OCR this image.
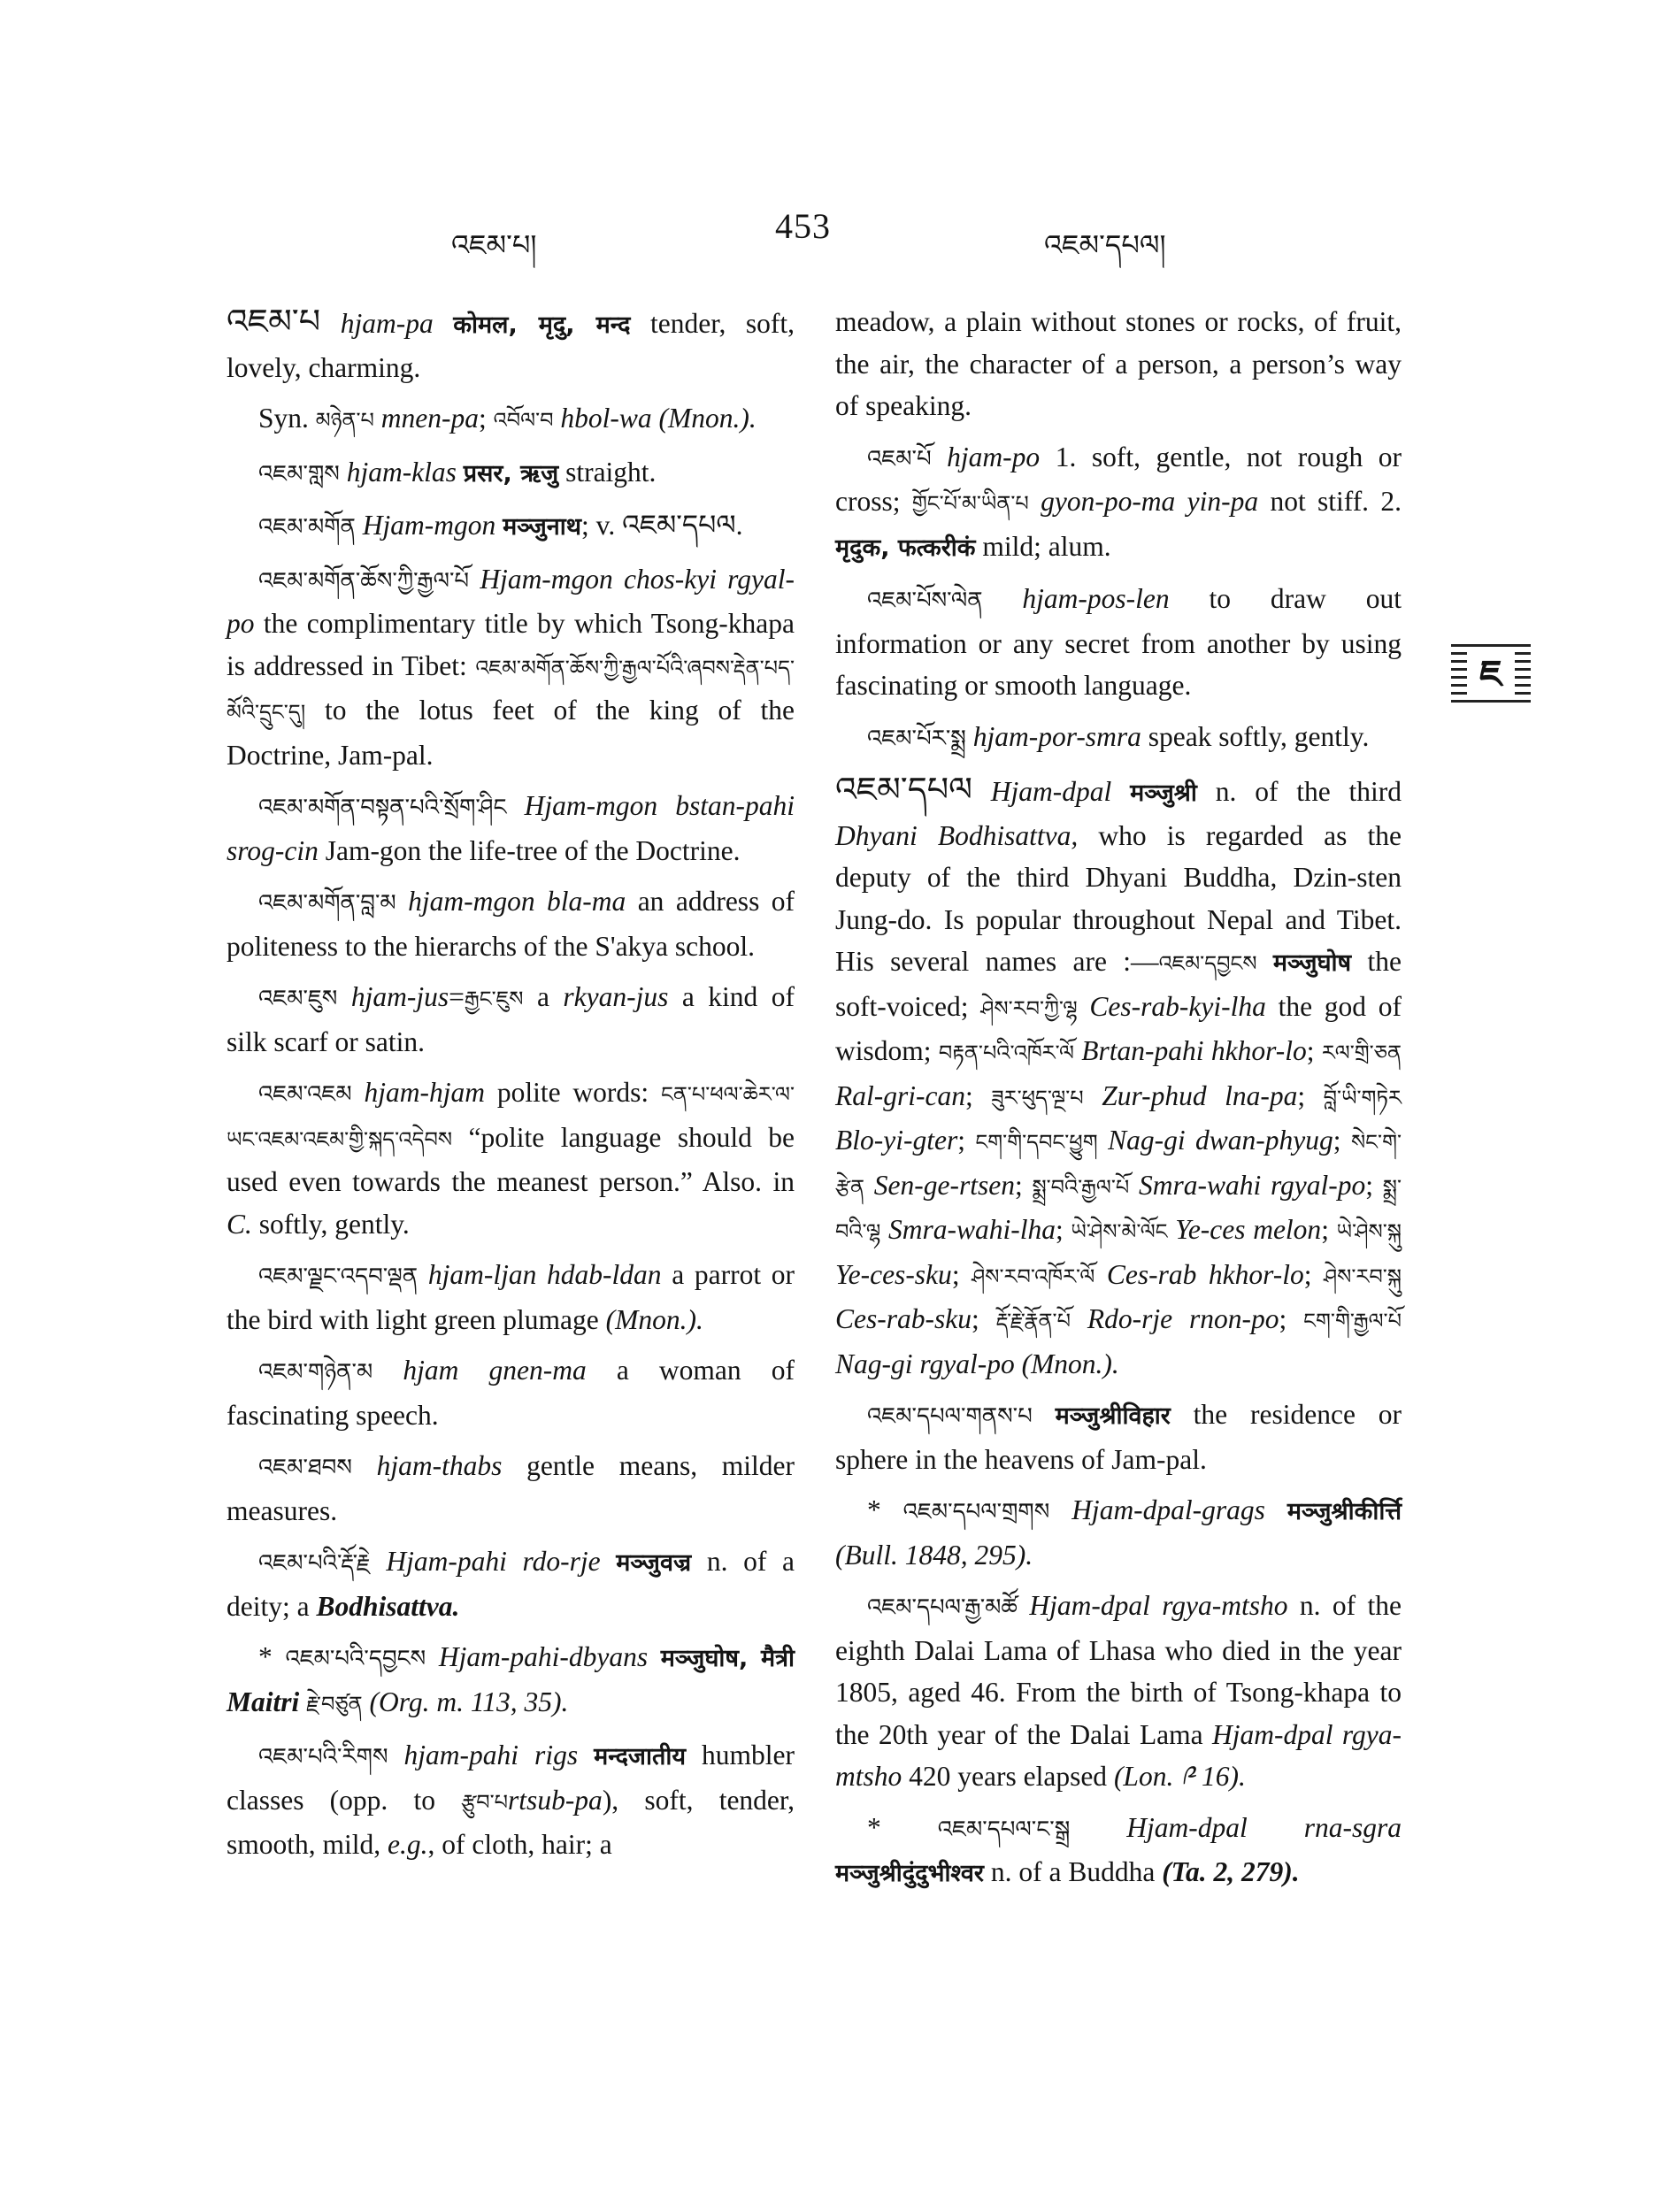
འཇམ་པ།	453	འཇམ་དཔལ།

འཇམ་པ hjam-pa कोमल, मृदु, मन्द tender, soft, lovely, charming.

Syn. མཉེན་པ mnen-pa; འབོལ་བ hbol-wa (Mnon.).

འཇམ་གླས hjam-klas प्रसर, ऋजु straight.

འཇམ་མགོན Hjam-mgon मञ्जुनाथ; v. འཇམ་དཔལ.

འཇམ་མགོན་ཆོས་ཀྱི་རྒྱལ་པོ Hjam-mgon chos-kyi rgyal-po the complimentary title by which Tsong-khapa is addressed in Tibet: འཇམ་མགོན་ཆོས་ཀྱི་རྒྱལ་པོའི་ཞབས་རྡེན་པད་མོའི་དྲུང་དུ། to the lotus feet of the king of the Doctrine, Jam-pal.

འཇམ་མགོན་བསྟན་པའི་སྲོག་ཤིང Hjam-mgon bstan-pahi srog-cin Jam-gon the life-tree of the Doctrine.

འཇམ་མགོན་བླ་མ hjam-mgon bla-ma an address of politeness to the hierarchs of the S'akya school.

འཇམ་ཇུས hjam-jus=རྒྱང་ཇུས a rkyan-jus a kind of silk scarf or satin.

འཇམ་འཇམ hjam-hjam polite words: ངན་པ་ཕལ་ཆེར་ལ་ཡང་འཇམ་འཇམ་གྱི་སྐད་འདེབས “polite language should be used even towards the meanest person.” Also. in C. softly, gently.

འཇམ་ལྗང་འདབ་ལྡན hjam-ljan hdab-ldan a parrot or the bird with light green plumage (Mnon.).

འཇམ་གཉེན་མ hjam gnen-ma a woman of fascinating speech.

འཇམ་ཐབས hjam-thabs gentle means, milder measures.

འཇམ་པའི་རྡོ་རྗེ Hjam-pahi rdo-rje मञ्जुवज्र n. of a deity; a Bodhisattva.

* འཇམ་པའི་དབྱངས Hjam-pahi-dbyans मञ्जुघोष, मैत्री Maitri རྗེ་བཙུན (Org. m. 113, 35).

འཇམ་པའི་རིགས hjam-pahi rigs मन्दजातीय humbler classes (opp. to རྩུབ་པrtsub-pa), soft, tender, smooth, mild, e.g., of cloth, hair; a

meadow, a plain without stones or rocks, of fruit, the air, the character of a person, a person’s way of speaking.

འཇམ་པོ hjam-po 1. soft, gentle, not rough or cross; གྱོང་པོ་མ་ཡིན་པ gyon-po-ma yin-pa not stiff. 2. मृदुक, फत्करीकं mild; alum.

འཇམ་པོས་ལེན hjam-pos-len to draw out information or any secret from another by using fascinating or smooth language.

འཇམ་པོར་སྨྲ hjam-por-smra speak softly, gently.

འཇམ་དཔལ Hjam-dpal मञ्जुश्री n. of the third Dhyani Bodhisattva, who is regarded as the deputy of the third Dhyani Buddha, Dzin-sten Jung-do. Is popular throughout Nepal and Tibet. His several names are :—འཇམ་དབྱངས मञ्जुघोष the soft-voiced; ཤེས་རབ་ཀྱི་ལྷ Ces-rab-kyi-lha the god of wisdom; བརྟན་པའི་འཁོར་ལོ Brtan-pahi hkhor-lo; རལ་གྲི་ཅན Ral-gri-can; ཟུར་ཕུད་ལྔ་པ Zur-phud lna-pa; བློ་ཡི་གཏེར Blo-yi-gter; ངག་གི་དབང་ཕྱུག Nag-gi dwan-phyug; སེང་གེ་རྩེན Sen-ge-rtsen; སྨྲ་བའི་རྒྱལ་པོ Smra-wahi rgyal-po; སྨྲ་བའི་ལྷ Smra-wahi-lha; ཡེ་ཤེས་མེ་ལོང Ye-ces melon; ཡེ་ཤེས་སྐུ Ye-ces-sku; ཤེས་རབ་འཁོར་ལོ Ces-rab hkhor-lo; ཤེས་རབ་སྐུ Ces-rab-sku; རྡོ་རྗེ་རྣོན་པོ Rdo-rje rnon-po; ངག་གི་རྒྱལ་པོ Nag-gi rgyal-po (Mnon.).

འཇམ་དཔལ་གནས་པ मञ्जुश्रीविहार the residence or sphere in the heavens of Jam-pal.

* འཇམ་དཔལ་གྲགས Hjam-dpal-grags मञ्जुश्रीकीर्त्ति (Bull. 1848, 295).

འཇམ་དཔལ་རྒྱ་མཚོ Hjam-dpal rgya-mtsho n. of the eighth Dalai Lama of Lhasa who died in the year 1805, aged 46. From the birth of Tsong-khapa to the 20th year of the Dalai Lama Hjam-dpal rgya-mtsho 420 years elapsed (Lon. ༩ 16).

* འཇམ་དཔལ་ང་སྒྲ Hjam-dpal rna-sgra मञ्जुश्रीदुंदुभीश्वर n. of a Buddha (Ta. 2, 279).

ཇ
